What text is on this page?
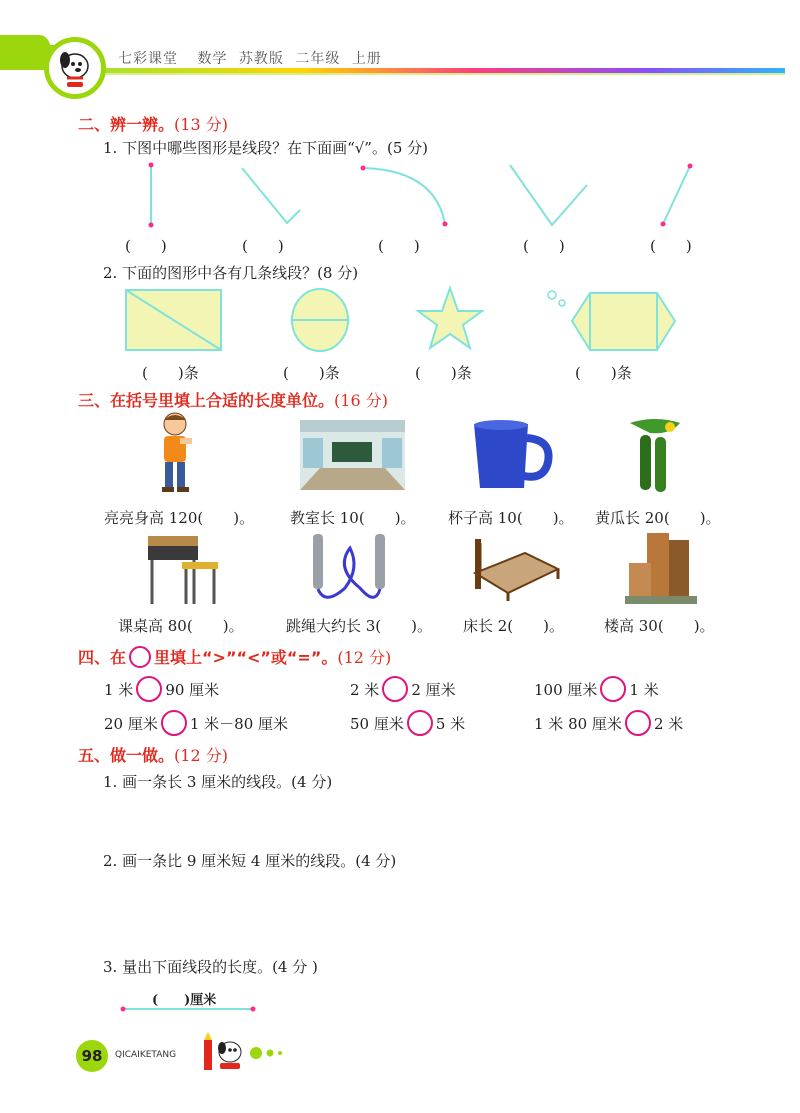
七彩课堂 数学 苏教版 二年级 上册
二、辨一辨。(13 分)
1. 下图中哪些图形是线段？在下面画“√”。(5 分)
(　　)	(　　)	(　　)	(　　)	(　　)
2. 下面的图形中各有几条线段？(8 分)
(　　)条	(　　)条	(　　)条	(　　)条
三、在括号里填上合适的长度单位。(16 分)
亮亮身高 120(　　)。 教室长 10(　　)。 杯子高 10(　　)。 黄瓜长 20(　　)。
课桌高 80(　　)。	跳绳大约长 3(　　)。 床长 2(　　)。	楼高 30(　　)。
四、在 里填上“>”“<”或“=”。 (12 分)
1 米 90 厘米	2 米 2 厘米	100 厘米 1 米
20 厘米 1 米－80 厘米	50 厘米 5 米	1 米 80 厘米 2 米
五、做一做。(12 分)
1. 画一条长 3 厘米的线段。(4 分)
2. 画一条比 9 厘米短 4 厘米的线段。(4 分)
3. 量出下面线段的长度。(4 分 )
(　　)厘米
98	QICAIKETANG
